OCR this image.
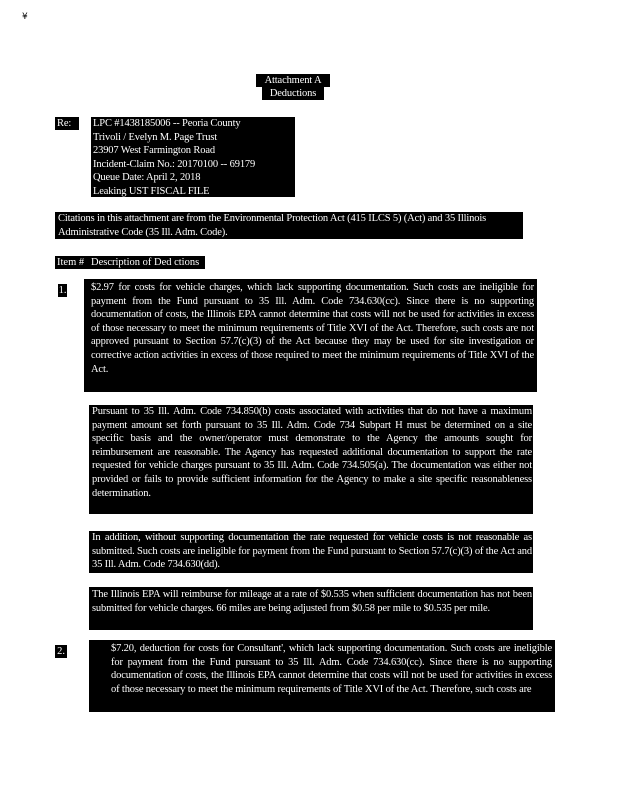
¥
Attachment A
Deductions
Re:	LPC #1438185006 -- Peoria County
Trivoli / Evelyn M. Page Trust
23907 West Farmington Road
Incident-Claim No.: 20170100 -- 69179
Queue Date: April 2, 2018
Leaking UST FISCAL FILE
Citations in this attachment are from the Environmental Protection Act (415 ILCS 5) (Act) and 35 Illinois Administrative Code (35 Ill. Adm. Code).
Item # Description of Ded ctions
1.	$2.97 for costs for vehicle charges, which lack supporting documentation. Such costs are ineligible for payment from the Fund pursuant to 35 Ill. Adm. Code 734.630(cc). Since there is no supporting documentation of costs, the Illinois EPA cannot determine that costs will not be used for activities in excess of those necessary to meet the minimum requirements of Title XVI of the Act. Therefore, such costs are not approved pursuant to Section 57.7(c)(3) of the Act because they may be used for site investigation or corrective action activities in excess of those required to meet the minimum requirements of Title XVI of the Act.
Pursuant to 35 Ill. Adm. Code 734.850(b) costs associated with activities that do not have a maximum payment amount set forth pursuant to 35 Ill. Adm. Code 734 Subpart H must be determined on a site specific basis and the owner/operator must demonstrate to the Agency the amounts sought for reimbursement are reasonable. The Agency has requested additional documentation to support the rate requested for vehicle charges pursuant to 35 Ill. Adm. Code 734.505(a). The documentation was either not provided or fails to provide sufficient information for the Agency to make a site specific reasonableness determination.
In addition, without supporting documentation the rate requested for vehicle costs is not reasonable as submitted. Such costs are ineligible for payment from the Fund pursuant to Section 57.7(c)(3) of the Act and 35 Ill. Adm. Code 734.630(dd).
The Illinois EPA will reimburse for mileage at a rate of $0.535 when sufficient documentation has not been submitted for vehicle charges. 66 miles are being adjusted from $0.58 per mile to $0.535 per mile.
2.	$7.20, deduction for costs for Consultant', which lack supporting documentation. Such costs are ineligible for payment from the Fund pursuant to 35 Ill. Adm. Code 734.630(cc). Since there is no supporting documentation of costs, the Illinois EPA cannot determine that costs will not be used for activities in excess of those necessary to meet the minimum requirements of Title XVI of the Act. Therefore, such costs are
